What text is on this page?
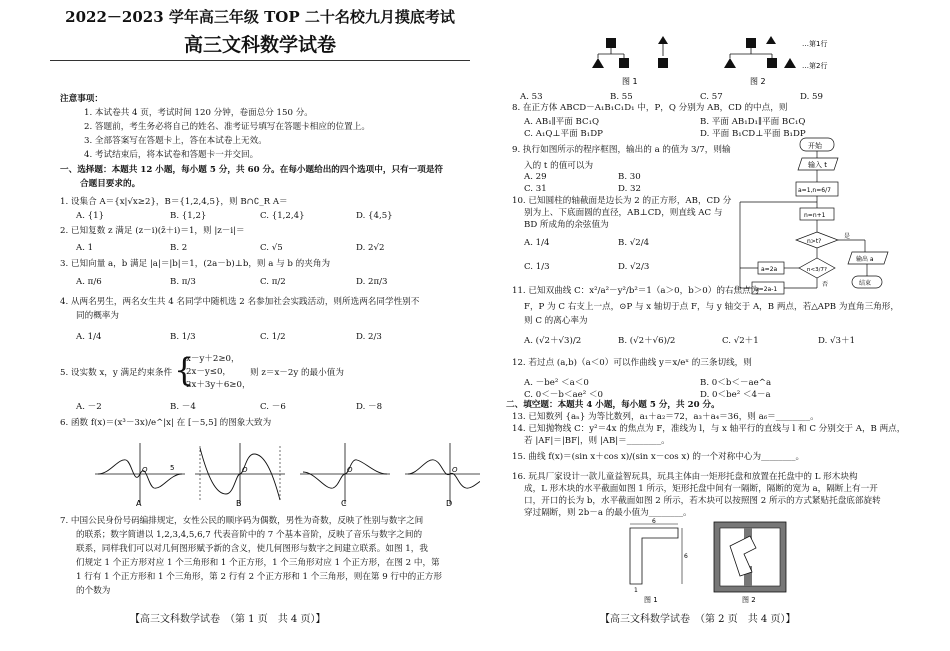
2022－2023 学年高三年级 TOP 二十名校九月摸底考试
高三文科数学试卷
注意事项：
1. 本试卷共 4 页，考试时间 120 分钟，卷面总分 150 分。
2. 答题前，考生务必将自己的姓名、准考证号填写在答题卡相应的位置上。
3. 全部答案写在答题卡上，答在本试卷上无效。
4. 考试结束后，将本试卷和答题卡一并交回。
一、选择题：本题共 12 小题，每小题 5 分，共 60 分。在每小题给出的四个选项中，只有一项是符
合题目要求的。
1. 设集合 A＝{x|√x≥2}，B＝{1,2,4,5}，则 B∩∁_R A＝
A. {1}	B. {1,2}	C. {1,2,4}	D. {4,5}
2. 已知复数 z 满足 (z－i)(z̄＋i)＝1，则 |z－i|＝
A. 1	B. 2	C. √5	D. 2√2
3. 已知向量 a，b 满足 |a|＝|b|＝1，(2a－b)⊥b，则 a 与 b 的夹角为
A. π/6	B. π/3	C. π/2	D. 2π/3
4. 从两名男生，两名女生共 4 名同学中随机选 2 名参加社会实践活动，则所选两名同学性别不
同的概率为
A. 1/4	B. 1/3	C. 1/2	D. 2/3
5. 设实数 x，y 满足约束条件 {
x－y＋2≥0，
2x－y≤0，
2x＋3y＋6≥0，
则 z＝x－2y 的最小值为
A. －2	B. －4	C. －6	D. －8
6. 函数 f(x)＝(x³－3x)/e^|x| 在 [－5,5] 的图象大致为
A
O	5
B
O
C
O
D
O
7. 中国公民身份号码编排规定，女性公民的顺序码为偶数，男性为奇数，反映了性别与数字之间
的联系；数字简谱以 1,2,3,4,5,6,7 代表音阶中的 7 个基本音阶，反映了音乐与数字之间的
联系，同样我们可以对几何图形赋予新的含义，使几何图形与数字之间建立联系。如图 1，我
们规定 1 个正方形对应 1 个三角形和 1 个正方形，1 个三角形对应 1 个正方形，在图 2 中，第
1 行有 1 个正方形和 1 个三角形，第 2 行有 2 个正方形和 1 个三角形，则在第 9 行中的正方形
的个数为
【高三文科数学试卷　（第 1 页　共 4 页）】
图 1
…第1行
…第2行
图 2
A. 53	B. 55	C. 57	D. 59
8. 在正方体 ABCD－A₁B₁C₁D₁ 中，P，Q 分别为 AB，CD 的中点，则
A. AB₁∥平面 BC₁Q	B. 平面 AB₁D₁∥平面 BC₁Q
C. A₁Q⊥平面 B₁DP	D. 平面 B₁CD⊥平面 B₁DP
9. 执行如图所示的程序框图，输出的 a 的值为 3/7，则输
入的 t 的值可以为
A. 29	B. 30
C. 31	D. 32
开始
输入 t
a=1,n=6/7
n=n+1
n>t?
是
输出 a
结束
n<3/7?
a=2a
a=2a-1
否
10. 已知圆柱的轴截面是边长为 2 的正方形，AB，CD 分
别为上、下底面圆的直径，AB⊥CD，则直线 AC 与
BD 所成角的余弦值为
A. 1/4	B. √2/4
C. 1/3	D. √2/3
11. 已知双曲线 C：x²/a²－y²/b²＝1（a＞0，b＞0）的右焦点为
F，P 为 C 右支上一点，⊙P 与 x 轴切于点 F，与 y 轴交于 A，B 两点，若△APB 为直角三角形，
则 C 的离心率为
A. (√2＋√3)/2	B. (√2＋√6)/2	C. √2＋1	D. √3＋1
12. 若过点 (a,b)（a＜0）可以作曲线 y＝x/eˣ 的三条切线，则
A. －be² ＜a＜0	B. 0＜b＜－ae^a
C. 0＜－b＜ae² ＜0	D. 0＜be² ＜4－a
二、填空题：本题共 4 小题，每小题 5 分，共 20 分。
13. 已知数列 {aₙ} 为等比数列，a₁＋a₂＝72，a₃＋a₄＝36，则 a₆＝________。
14. 已知抛物线 C：y²＝4x 的焦点为 F，准线为 l，与 x 轴平行的直线与 l 和 C 分别交于 A，B 两点，
若 |AF|＝|BF|，则 |AB|＝________。
15. 曲线 f(x)＝(sin x＋cos x)/(sin x－cos x) 的一个对称中心为________。
16. 玩具厂家设计一款儿童益智玩具，玩具主体由一矩形托盘和放置在托盘中的 L 形木块构
成，L 形木块的水平截面如图 1 所示，矩形托盘中间有一隔断，隔断的宽为 a，隔断上有一开
口，开口的长为 b，水平截面如图 2 所示，若木块可以按照图 2 所示的方式紧贴托盘底部旋转
穿过隔断，则 2b－a 的最小值为________。
6
6
1
图 1	图 2
【高三文科数学试卷　（第 2 页　共 4 页）】
